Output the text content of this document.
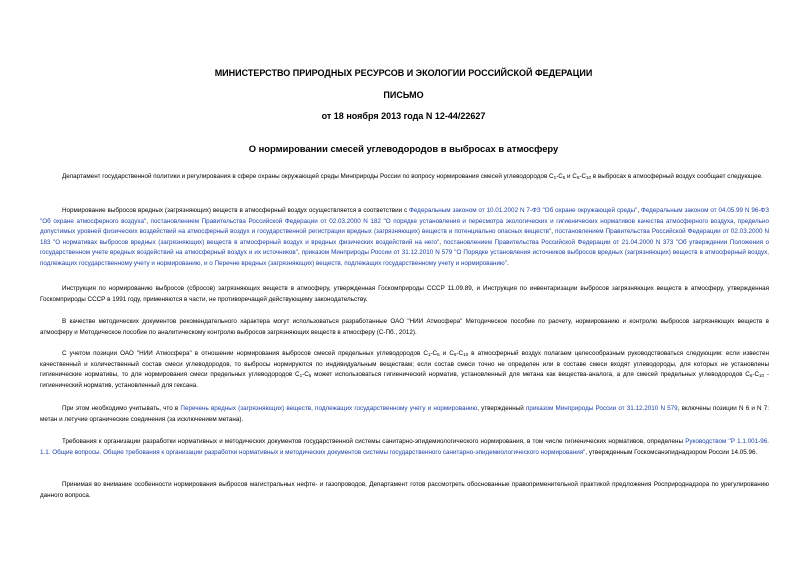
МИНИСТЕРСТВО ПРИРОДНЫХ РЕСУРСОВ И ЭКОЛОГИИ РОССИЙСКОЙ ФЕДЕРАЦИИ
ПИСЬМО
от 18 ноября 2013 года N 12-44/22627
О нормировании смесей углеводородов в выбросах в атмосферу

Департамент государственной политики и регулирования в сфере охраны окружающей среды Минприроды России по вопросу нормирования смесей углеводородов $С_1-С_5$ и $С_6-С_{10}$ в выбросах в атмосферный воздух сообщает следующее.

Нормирование выбросов вредных (загрязняющих) веществ в атмосферный воздух осуществляется в соответствии с Федеральным законом от 10.01.2002 N 7-ФЗ "Об охране окружающей среды", Федеральным законом от 04.05.99 N 96-ФЗ "Об охране атмосферного воздуха", постановлением Правительства Российской Федерации от 02.03.2000 N 182 "О порядке установления и пересмотра экологических и гигиенических нормативов качества атмосферного воздуха, предельно допустимых уровней физических воздействий на атмосферный воздух и государственной регистрации вредных (загрязняющих) веществ и потенциально опасных веществ", постановлением Правительства Российской Федерации от 02.03.2000 N 183 "О нормативах выбросов вредных (загрязняющих) веществ в атмосферный воздух и вредных физических воздействий на него", постановлением Правительства Российской Федерации от 21.04.2000 N 373 "Об утверждении Положения о государственном учете вредных воздействий на атмосферный воздух и их источников", приказом Минприроды России от 31.12.2010 N 579 "О Порядке установления источников выбросов вредных (загрязняющих) веществ в атмосферный воздух, подлежащих государственному учету и нормированию, и о Перечне вредных (загрязняющих) веществ, подлежащих государственному учету и нормированию".

Инструкция по нормированию выбросов (сбросов) загрязняющих веществ в атмосферу, утвержденная Госкомприроды СССР 11.09.89, и Инструкция по инвентаризации выбросов загрязняющих веществ в атмосферу, утвержденная Госкомприроды СССР в 1991 году, применяются в части, не противоречащей действующему законодательству.

В качестве методических документов рекомендательного характера могут использоваться разработанные ОАО "НИИ Атмосфера" Методическое пособие по расчету, нормированию и контролю выбросов загрязняющих веществ в атмосферу и Методическое пособие по аналитическому контролю выбросов загрязняющих веществ в атмосферу (С-Пб., 2012).

С учетом позиции ОАО "НИИ Атмосфера" в отношении нормирования выбросов смесей предельных углеводородов $С_1-С_5$ и $С_6-С_{10}$ в атмосферный воздух полагаем целесообразным руководствоваться следующим: если известен качественный и количественный состав смеси углеводородов, то выбросы нормируются по индивидуальным веществам; если состав смеси точно не определен или в составе смеси входят углеводороды, для которых не установлены гигиенические нормативы, то для нормирования смеси предельных углеводородов $С_1-С_5$ может использоваться гигиенический норматив, установленный для метана как вещества-аналога, а для смесей предельных углеводородов $С_6-С_{10}$ - гигиенический норматив, установленный для гексана.

При этом необходимо учитывать, что в Перечень вредных (загрязняющих) веществ, подлежащих государственному учету и нормированию, утвержденный приказом Минприроды России от 31.12.2010 N 579, включены позиции N 6 и N 7: метан и летучие органические соединения (за исключением метана).

Требования к организации разработки нормативных и методических документов государственной системы санитарно-эпидемиологического нормирования, в том числе гигиенических нормативов, определены Руководством "Р 1.1.001-96. 1.1. Общие вопросы. Общие требования к организации разработки нормативных и методических документов системы государственного санитарно-эпидемиологического нормирования", утвержденным Госкомсанэпиднадзором России 14.05.96.

Принимая во внимание особенности нормирования выбросов магистральных нефте- и газопроводов, Департамент готов рассмотреть обоснованные правоприменительной практикой предложения Росприроднадзора по урегулированию данного вопроса.
